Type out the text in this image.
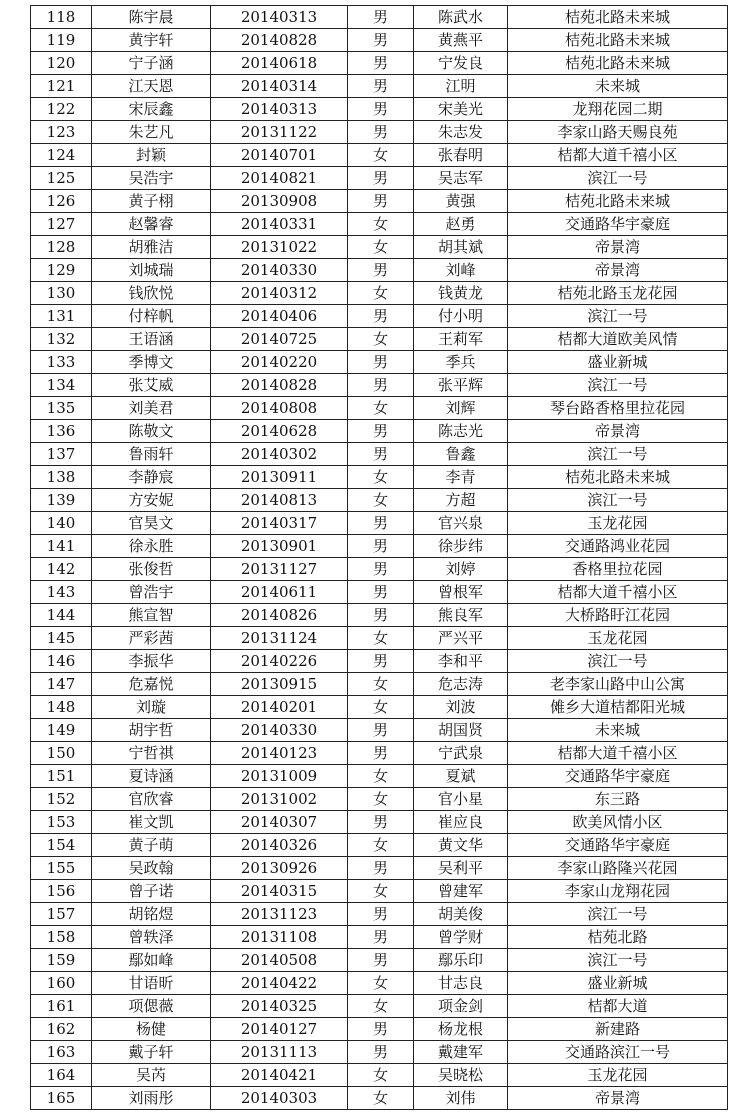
118	陈宇晨	20140313	男	陈武水	桔苑北路未来城
119	黄宇轩	20140828	男	黄燕平	桔苑北路未来城
120	宁子涵	20140618	男	宁发良	桔苑北路未来城
121	江天恩	20140314	男	江明	未来城
122	宋辰鑫	20140313	男	宋美光	龙翔花园二期
123	朱艺凡	20131122	男	朱志发	李家山路天赐良苑
124	封颖	20140701	女	张春明	桔都大道千禧小区
125	吴浩宇	20140821	男	吴志军	滨江一号
126	黄子栩	20130908	男	黄强	桔苑北路未来城
127	赵馨睿	20140331	女	赵勇	交通路华宇豪庭
128	胡雅洁	20131022	女	胡其斌	帝景湾
129	刘城瑞	20140330	男	刘峰	帝景湾
130	钱欣悦	20140312	女	钱黄龙	桔苑北路玉龙花园
131	付梓帆	20140406	男	付小明	滨江一号
132	王语涵	20140725	女	王莉军	桔都大道欧美风情
133	季博文	20140220	男	季兵	盛业新城
134	张艾威	20140828	男	张平辉	滨江一号
135	刘美君	20140808	女	刘辉	琴台路香格里拉花园
136	陈敬文	20140628	男	陈志光	帝景湾
137	鲁雨轩	20140302	男	鲁鑫	滨江一号
138	李静宸	20130911	女	李青	桔苑北路未来城
139	方安妮	20140813	女	方超	滨江一号
140	官昊文	20140317	男	官兴泉	玉龙花园
141	徐永胜	20130901	男	徐步纬	交通路鸿业花园
142	张俊哲	20131127	男	刘婷	香格里拉花园
143	曾浩宇	20140611	男	曾根军	桔都大道千禧小区
144	熊宣智	20140826	男	熊良军	大桥路盱江花园
145	严彩茜	20131124	女	严兴平	玉龙花园
146	李振华	20140226	男	李和平	滨江一号
147	危嘉悦	20130915	女	危志涛	老李家山路中山公寓
148	刘璇	20140201	女	刘波	傩乡大道桔都阳光城
149	胡宇哲	20140330	男	胡国贤	未来城
150	宁哲祺	20140123	男	宁武泉	桔都大道千禧小区
151	夏诗涵	20131009	女	夏斌	交通路华宇豪庭
152	官欣睿	20131002	女	官小星	东三路
153	崔文凯	20140307	男	崔应良	欧美风情小区
154	黄子萌	20140326	女	黄文华	交通路华宇豪庭
155	吴政翰	20130926	男	吴利平	李家山路隆兴花园
156	曾子诺	20140315	女	曾建军	李家山龙翔花园
157	胡铭煜	20131123	男	胡美俊	滨江一号
158	曾轶泽	20131108	男	曾学财	桔苑北路
159	鄢如峰	20140508	男	鄢乐印	滨江一号
160	甘语昕	20140422	女	甘志良	盛业新城
161	项偲薇	20140325	女	项金剑	桔都大道
162	杨健	20140127	男	杨龙根	新建路
163	戴子轩	20131113	男	戴建军	交通路滨江一号
164	吴芮	20140421	女	吴晓松	玉龙花园
165	刘雨彤	20140303	女	刘伟	帝景湾
